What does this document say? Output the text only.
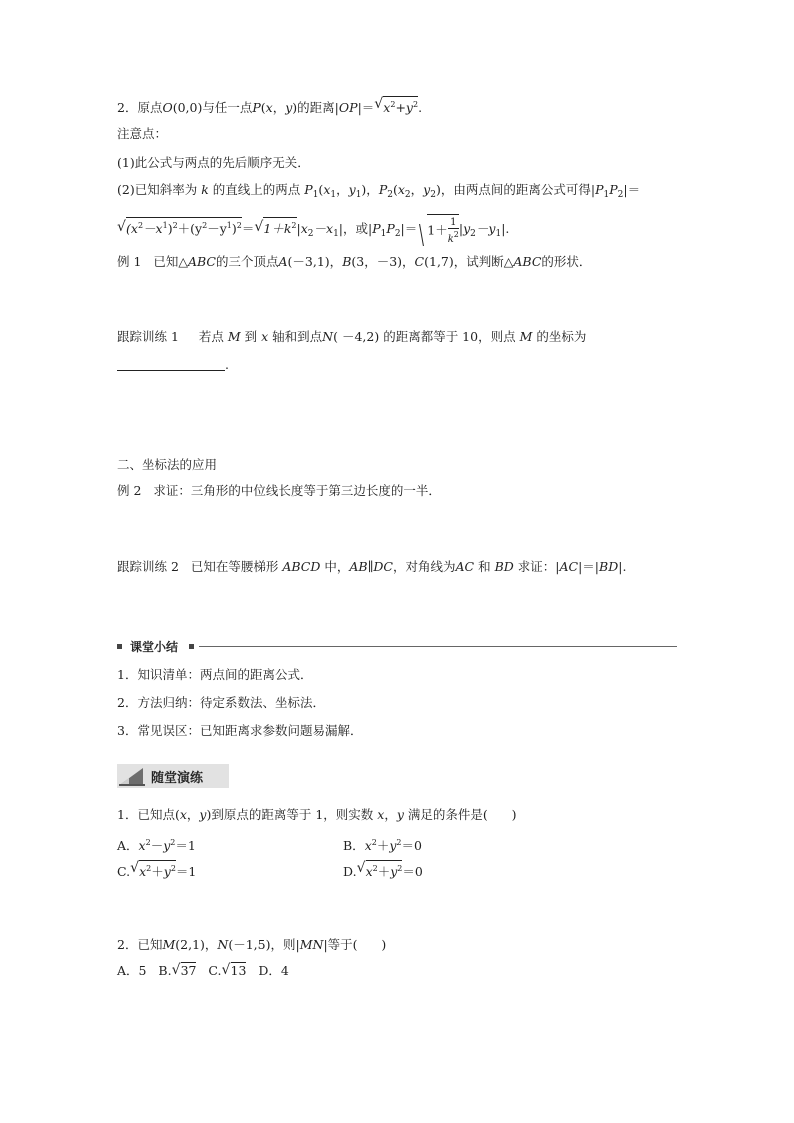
2．原点O(0,0)与任一点P(x，y)的距离|OP|＝√ $x^2+y^2$.
注意点：
(1)此公式与两点的先后顺序无关．
(2)已知斜率为 k 的直线上的两点 $P_1(x_1$，$y_1$)，$P_2(x_2$，$y_2$)，由两点间的距离公式可得$|P_1P_2|=$
√ $(x^2-x^1)^2+(y^2-y^1)^2=√$ $1+k^2|x_2-x_1|$，或$|P_1P_2|= 1+ \frac{1}{k^2} |y_2-y_1|$.
例 1 已知△ABC的三个顶点A(－3,1)，B(3，－3)，C(1,7)，试判断△ABC的形状．
跟踪训练 1 若点 M 到 x 轴和到点N( －4,2) 的距离都等于 10，则点 M 的坐标为
.
二、坐标法的应用
例 2 求证：三角形的中位线长度等于第三边长度的一半．
跟踪训练 2 已知在等腰梯形 ABCD 中，AB∥DC，对角线为AC 和 BD 求证：|AC|＝|BD|.
课堂小结
1．知识清单：两点间的距离公式．
2．方法归纳：待定系数法、坐标法．
3．常见误区：已知距离求参数问题易漏解．
随堂演练
1．已知点(x，y)到原点的距离等于 1，则实数 x，y 满足的条件是( )
A．$x^2-y^2=1$	B．$x^2+y^2=0$
C.√ $x^2+y^2=1$	D.√ $x^2+y^2=0$
2．已知M(2,1)，N(－1,5)，则|MN|等于( )
A．5 B.√ 37 C.√ 13 D．4
